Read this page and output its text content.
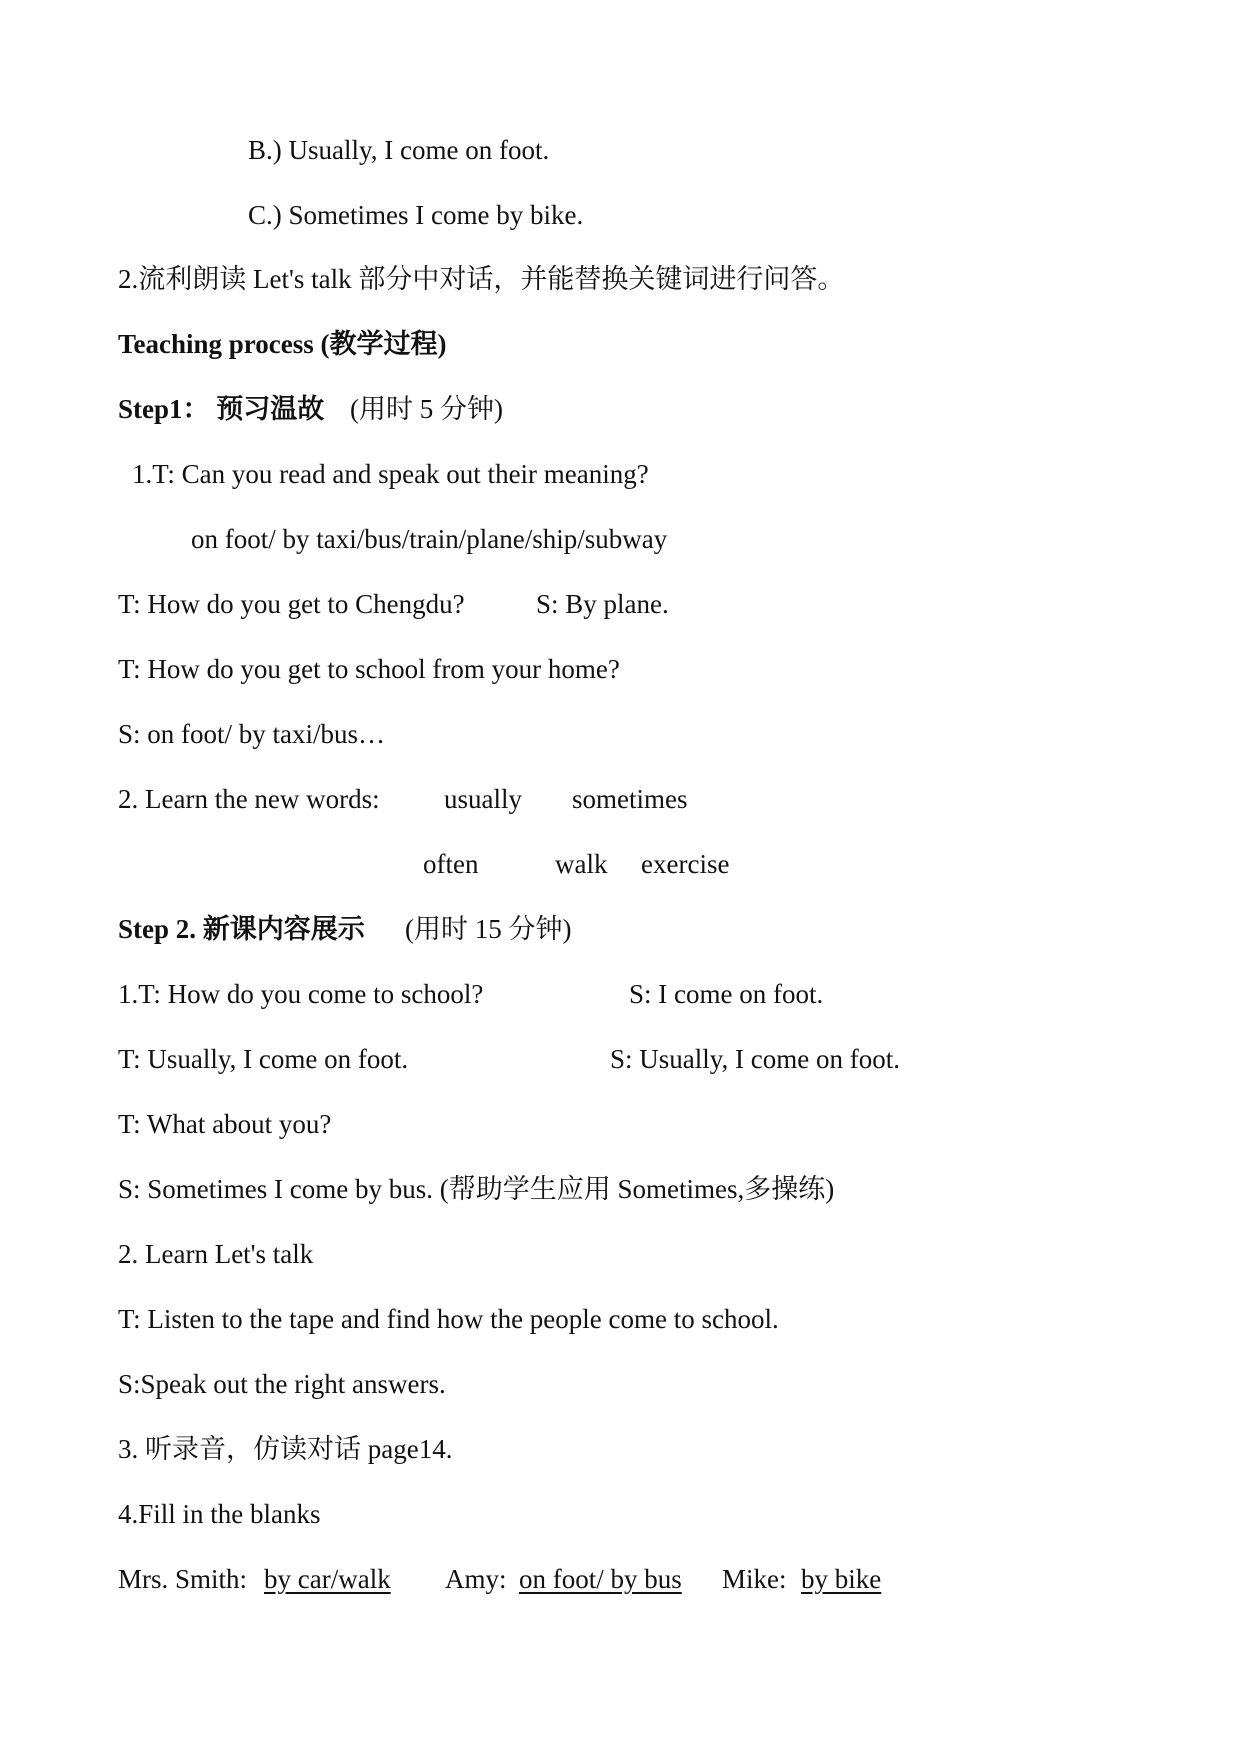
B.) Usually, I come on foot.
C.) Sometimes I come by bike.
2.流利朗读 Let's talk 部分中对话，并能替换关键词进行问答。
Teaching process (教学过程)
Step1： 预习温故 (用时 5 分钟)
1.T: Can you read and speak out their meaning?
on foot/ by taxi/bus/train/plane/ship/subway
T: How do you get to Chengdu?	S: By plane.
T: How do you get to school from your home?
S: on foot/ by taxi/bus…
2. Learn the new words: usually sometimes
often	walk exercise
Step 2. 新课内容展示 (用时 15 分钟)
1.T: How do you come to school?	S: I come on foot.
T: Usually, I come on foot.	S: Usually, I come on foot.
T: What about you?
S: Sometimes I come by bus. (帮助学生应用 Sometimes,多操练)
2. Learn Let's talk
T: Listen to the tape and find how the people come to school.
S:Speak out the right answers.
3. 听录音，仿读对话 page14.
4.Fill in the blanks
Mrs. Smith: by car/walk Amy: on foot/ by bus Mike: by bike
